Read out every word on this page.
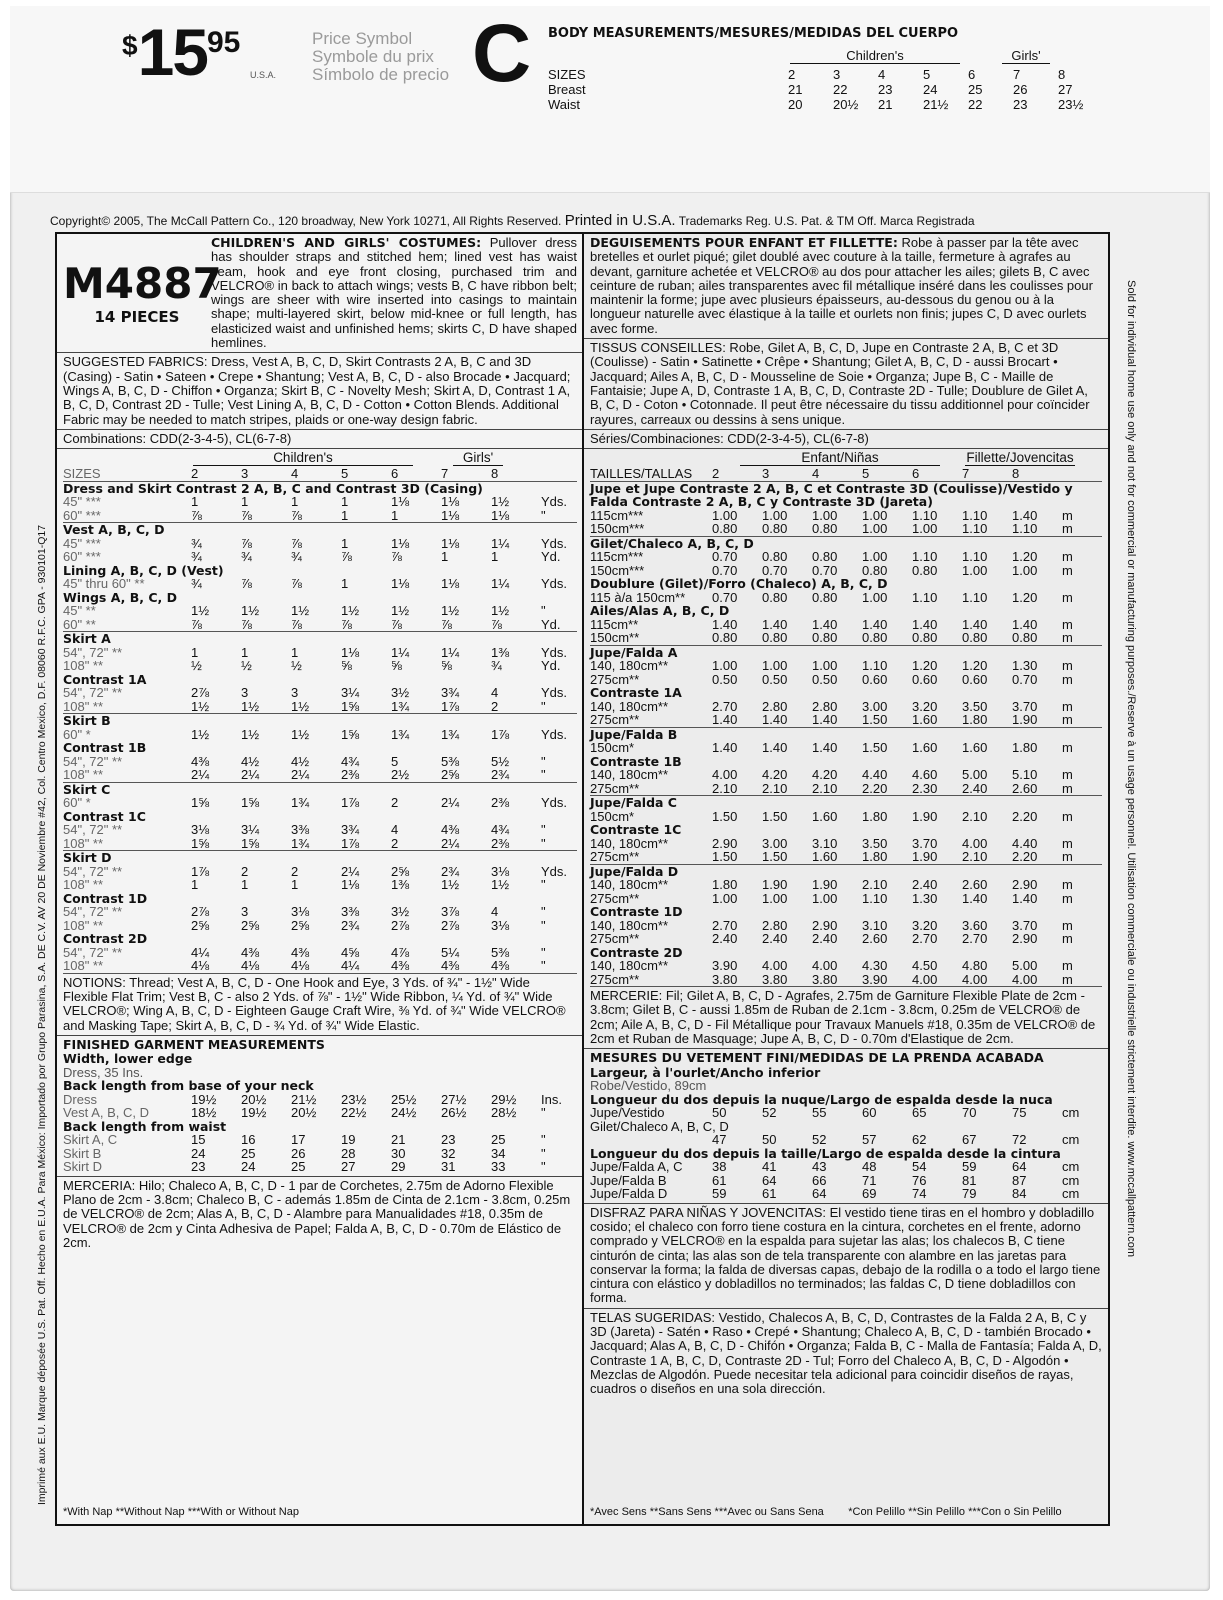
$ 15 95
U.S.A.
Price Symbol
Symbole du prix
Símbolo de precio C BODY MEASUREMENTS/MESURES/MEDIDAS DEL CUERPO
Children's	Girls'
SIZES	2	3	4	5	6	7	8
Breast	21 22 23 24 25 26 27
Waist	20 20½ 21 21½ 22 23 23½
Copyright© 2005, The McCall Pattern Co., 120 broadway, New York 10271, All Rights Reserved. Printed in U.S.A. Trademarks Reg. U.S. Pat. & TM Off. Marca Registrada
Imprimé aux E.U. Marque déposée U.S. Pat. Off. Hecho en E.U.A. Para México: Importado por Grupo Parasina, S.A. DE C.V. AV 20 DE Noviembre #42, Col. Centro Mexico, D.F. 08060 R.F.C. GPA - 930101-Q17	Sold for individual home use only and not for commercial or manufacturing purposes./Reserve à un usage personnel. Utilisation commerciale ou industrielle strictement interdite. www.mccallpattern.com
M4887
14 PIECES
CHILDREN'S AND GIRLS' COSTUMES: Pullover dress has shoulder straps and stitched hem; lined vest has waist seam, hook and eye front closing, purchased trim and VELCRO® in back to attach wings; vests B, C have ribbon belt; wings are sheer with wire inserted into casings to maintain shape; multi-layered skirt, below mid-knee or full length, has elasticized waist and unfinished hems; skirts C, D have shaped hemlines.
SUGGESTED FABRICS: Dress, Vest A, B, C, D, Skirt Contrasts 2 A, B, C and 3D (Casing) - Satin • Sateen • Crepe • Shantung; Vest A, B, C, D - also Brocade • Jacquard; Wings A, B, C, D - Chiffon • Organza; Skirt B, C - Novelty Mesh; Skirt A, D, Contrast 1 A, B, C, D, Contrast 2D - Tulle; Vest Lining A, B, C, D - Cotton • Cotton Blends. Additional Fabric may be needed to match stripes, plaids or one-way design fabric.
Combinations: CDD(2-3-4-5), CL(6-7-8)
Children's	Girls'
SIZES	2	3	4	5	6	7	8	
Dress and Skirt Contrast 2 A, B, C and Contrast 3D (Casing)								
45" ***	1	1	1	1	1⅛	1⅛	1½	Yds.
60" ***	⅞	⅞	⅞	1	1	1⅛	1⅛	"
Vest A, B, C, D								
45" ***	¾	⅞	⅞	1	1⅛	1⅛	1¼	Yds.
60" ***	¾	¾	¾	⅞	⅞	1	1	Yd.
Lining A, B, C, D (Vest)								
45" thru 60" **	¾	⅞	⅞	1	1⅛	1⅛	1¼	Yds.
Wings A, B, C, D								
45" **	1½	1½	1½	1½	1½	1½	1½	"
60" **	⅞	⅞	⅞	⅞	⅞	⅞	⅞	Yd.
Skirt A								
54", 72" **	1	1	1	1⅛	1¼	1¼	1⅜	Yds.
108" **	½	½	½	⅝	⅝	⅝	¾	Yd.
Contrast 1A								
54", 72" **	2⅞	3	3	3¼	3½	3¾	4	Yds.
108" **	1½	1½	1½	1⅝	1¾	1⅞	2	"
Skirt B								
60" *	1½	1½	1½	1⅝	1¾	1¾	1⅞	Yds.
Contrast 1B								
54", 72" **	4⅜	4½	4½	4¾	5	5⅜	5½	"
108" **	2¼	2¼	2¼	2⅜	2½	2⅝	2¾	"
Skirt C								
60" *	1⅝	1⅝	1¾	1⅞	2	2¼	2⅜	Yds.
Contrast 1C								
54", 72" **	3⅛	3¼	3⅜	3¾	4	4⅜	4¾	"
108" **	1⅝	1⅝	1¾	1⅞	2	2¼	2⅜	"
Skirt D								
54", 72" **	1⅞	2	2	2¼	2⅝	2¾	3⅛	Yds.
108" **	1	1	1	1⅛	1⅜	1½	1½	"
Contrast 1D								
54", 72" **	2⅞	3	3⅛	3⅜	3½	3⅞	4	"
108" **	2⅝	2⅝	2⅝	2¾	2⅞	2⅞	3⅛	"
Contrast 2D								
54", 72" **	4¼	4⅜	4⅜	4⅝	4⅞	5¼	5⅜	"
108" **	4⅛	4⅛	4⅛	4¼	4⅜	4⅜	4⅜	"
NOTIONS: Thread; Vest A, B, C, D - One Hook and Eye, 3 Yds. of ¾" - 1½" Wide Flexible Flat Trim; Vest B, C - also 2 Yds. of ⅞" - 1½" Wide Ribbon, ¼ Yd. of ¾" Wide VELCRO®; Wing A, B, C, D - Eighteen Gauge Craft Wire, ⅜ Yd. of ¾" Wide VELCRO® and Masking Tape; Skirt A, B, C, D - ¾ Yd. of ¾" Wide Elastic.
FINISHED GARMENT MEASUREMENTS
Width, lower edge								
Dress, 35 Ins.								
Back length from base of your neck								
Dress	19½	20½	21½	23½	25½	27½	29½	Ins.
Vest A, B, C, D	18½	19½	20½	22½	24½	26½	28½	"
Back length from waist								
Skirt A, C	15	16	17	19	21	23	25	"
Skirt B	24	25	26	28	30	32	34	"
Skirt D	23	24	25	27	29	31	33	"
MERCERIA: Hilo; Chaleco A, B, C, D - 1 par de Corchetes, 2.75m de Adorno Flexible Plano de 2cm - 3.8cm; Chaleco B, C - además 1.85m de Cinta de 2.1cm - 3.8cm, 0.25m de VELCRO® de 2cm; Alas A, B, C, D - Alambre para Manualidades #18, 0.35m de VELCRO® de 2cm y Cinta Adhesiva de Papel; Falda A, B, C, D - 0.70m de Elástico de 2cm.
*With Nap **Without Nap ***With or Without Nap
DEGUISEMENTS POUR ENFANT ET FILLETTE: Robe à passer par la tête avec bretelles et ourlet piqué; gilet doublé avec couture à la taille, fermeture à agrafes au devant, garniture achetée et VELCRO® au dos pour attacher les ailes; gilets B, C avec ceinture de ruban; ailes transparentes avec fil métallique inséré dans les coulisses pour maintenir la forme; jupe avec plusieurs épaisseurs, au-dessous du genou ou à la longueur naturelle avec élastique à la taille et ourlets non finis; jupes C, D avec ourlets avec forme.
TISSUS CONSEILLES: Robe, Gilet A, B, C, D, Jupe en Contraste 2 A, B, C et 3D (Coulisse) - Satin • Satinette • Crêpe • Shantung; Gilet A, B, C, D - aussi Brocart • Jacquard; Ailes A, B, C, D - Mousseline de Soie • Organza; Jupe B, C - Maille de Fantaisie; Jupe A, D, Contraste 1 A, B, C, D, Contraste 2D - Tulle; Doublure de Gilet A, B, C, D - Coton • Cotonnade. Il peut être nécessaire du tissu additionnel pour coïncider rayures, carreaux ou dessins à sens unique.
Séries/Combinaciones: CDD(2-3-4-5), CL(6-7-8)
Enfant/Niñas	Fillette/Jovencitas
TAILLES/TALLAS	2	3	4	5	6	7	8	
Jupe et Jupe Contraste 2 A, B, C et Contraste 3D (Coulisse)/Vestido y Falda Contraste 2 A, B, C y Contraste 3D (Jareta)								
115cm***	1.00	1.00	1.00	1.00	1.10	1.10	1.40	m
150cm***	0.80	0.80	0.80	1.00	1.00	1.10	1.10	m
Gilet/Chaleco A, B, C, D								
115cm***	0.70	0.80	0.80	1.00	1.10	1.10	1.20	m
150cm***	0.70	0.70	0.70	0.80	0.80	1.00	1.00	m
Doublure (Gilet)/Forro (Chaleco) A, B, C, D								
115 à/a 150cm**	0.70	0.80	0.80	1.00	1.10	1.10	1.20	m
Ailes/Alas A, B, C, D								
115cm**	1.40	1.40	1.40	1.40	1.40	1.40	1.40	m
150cm**	0.80	0.80	0.80	0.80	0.80	0.80	0.80	m
Jupe/Falda A								
140, 180cm**	1.00	1.00	1.00	1.10	1.20	1.20	1.30	m
275cm**	0.50	0.50	0.50	0.60	0.60	0.60	0.70	m
Contraste 1A								
140, 180cm**	2.70	2.80	2.80	3.00	3.20	3.50	3.70	m
275cm**	1.40	1.40	1.40	1.50	1.60	1.80	1.90	m
Jupe/Falda B								
150cm*	1.40	1.40	1.40	1.50	1.60	1.60	1.80	m
Contraste 1B								
140, 180cm**	4.00	4.20	4.20	4.40	4.60	5.00	5.10	m
275cm**	2.10	2.10	2.10	2.20	2.30	2.40	2.60	m
Jupe/Falda C								
150cm*	1.50	1.50	1.60	1.80	1.90	2.10	2.20	m
Contraste 1C								
140, 180cm**	2.90	3.00	3.10	3.50	3.70	4.00	4.40	m
275cm**	1.50	1.50	1.60	1.80	1.90	2.10	2.20	m
Jupe/Falda D								
140, 180cm**	1.80	1.90	1.90	2.10	2.40	2.60	2.90	m
275cm**	1.00	1.00	1.00	1.10	1.30	1.40	1.40	m
Contraste 1D								
140, 180cm**	2.70	2.80	2.90	3.10	3.20	3.60	3.70	m
275cm**	2.40	2.40	2.40	2.60	2.70	2.70	2.90	m
Contraste 2D								
140, 180cm**	3.90	4.00	4.00	4.30	4.50	4.80	5.00	m
275cm**	3.80	3.80	3.80	3.90	4.00	4.00	4.00	m
MERCERIE: Fil; Gilet A, B, C, D - Agrafes, 2.75m de Garniture Flexible Plate de 2cm - 3.8cm; Gilet B, C - aussi 1.85m de Ruban de 2.1cm - 3.8cm, 0.25m de VELCRO® de 2cm; Aile A, B, C, D - Fil Métallique pour Travaux Manuels #18, 0.35m de VELCRO® de 2cm et Ruban de Masquage; Jupe A, B, C, D - 0.70m d'Elastique de 2cm.
MESURES DU VETEMENT FINI/MEDIDAS DE LA PRENDA ACABADA
Largeur, à l'ourlet/Ancho inferior								
Robe/Vestido, 89cm								
Longueur du dos depuis la nuque/Largo de espalda desde la nuca								
Jupe/Vestido	50	52	55	60	65	70	75	cm
Gilet/Chaleco A, B, C, D								
	47	50	52	57	62	67	72	cm
Longueur du dos depuis la taille/Largo de espalda desde la cintura								
Jupe/Falda A, C	38	41	43	48	54	59	64	cm
Jupe/Falda B	61	64	66	71	76	81	87	cm
Jupe/Falda D	59	61	64	69	74	79	84	cm
DISFRAZ PARA NIÑAS Y JOVENCITAS: El vestido tiene tiras en el hombro y dobladillo cosido; el chaleco con forro tiene costura en la cintura, corchetes en el frente, adorno comprado y VELCRO® en la espalda para sujetar las alas; los chalecos B, C tiene cinturón de cinta; las alas son de tela transparente con alambre en las jaretas para conservar la forma; la falda de diversas capas, debajo de la rodilla o a todo el largo tiene cintura con elástico y dobladillos no terminados; las faldas C, D tiene dobladillos con forma.
TELAS SUGERIDAS: Vestido, Chalecos A, B, C, D, Contrastes de la Falda 2 A, B, C y 3D (Jareta) - Satén • Raso • Crepé • Shantung; Chaleco A, B, C, D - también Brocado • Jacquard; Alas A, B, C, D - Chifón • Organza; Falda B, C - Malla de Fantasía; Falda A, D, Contraste 1 A, B, C, D, Contraste 2D - Tul; Forro del Chaleco A, B, C, D - Algodón • Mezclas de Algodón. Puede necesitar tela adicional para coincidir diseños de rayas, cuadros o diseños en una sola dirección.
*Avec Sens **Sans Sens ***Avec ou Sans Sena *Con Pelillo **Sin Pelillo ***Con o Sin Pelillo
